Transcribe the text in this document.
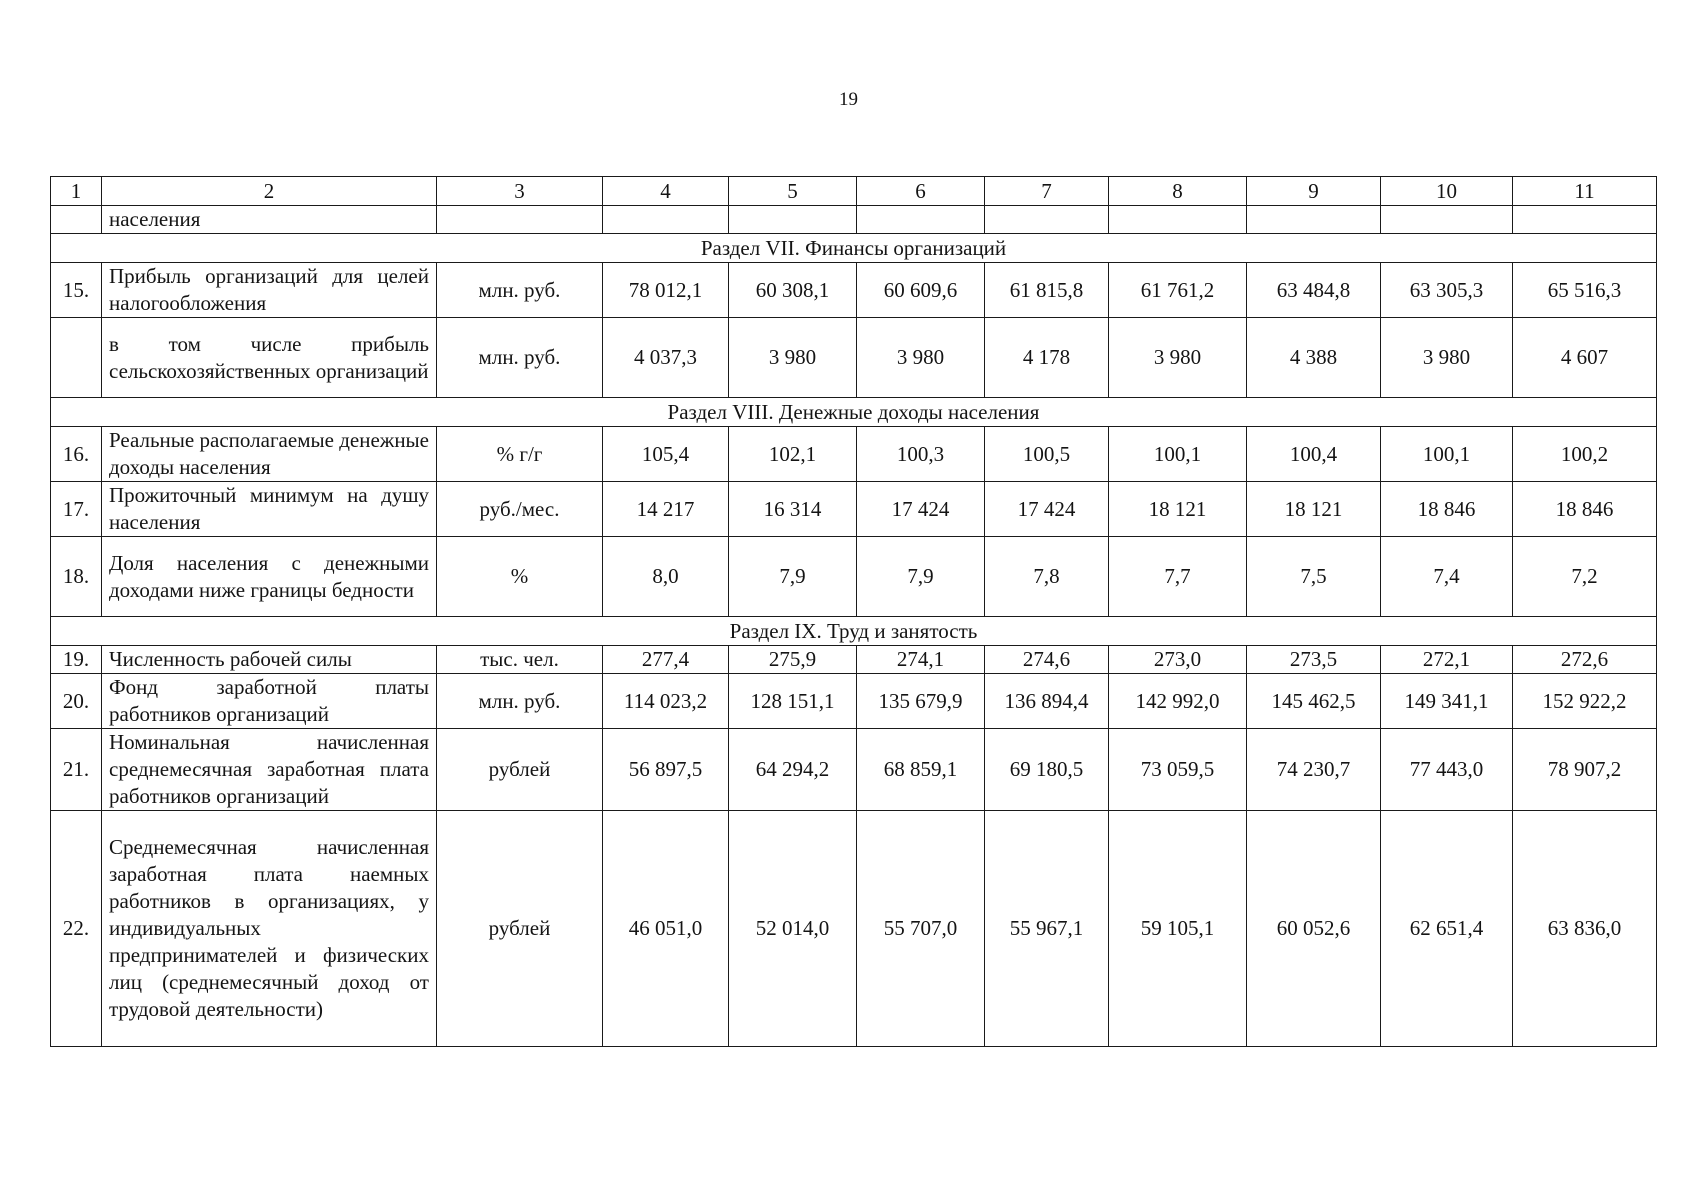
19
1	2	3	4	5	6	7	8	9	10	11
	населения									
Раздел VII. Финансы организаций										
15.	Прибыль организаций для целей налогообложения	млн. руб.	78 012,1	60 308,1	60 609,6	61 815,8	61 761,2	63 484,8	63 305,3	65 516,3
	в том числе прибыль сельскохозяйственных организаций	млн. руб.	4 037,3	3 980	3 980	4 178	3 980	4 388	3 980	4 607
Раздел VIII. Денежные доходы населения										
16.	Реальные располагаемые денежные доходы населения	% г/г	105,4	102,1	100,3	100,5	100,1	100,4	100,1	100,2
17.	Прожиточный минимум на душу населения	руб./мес.	14 217	16 314	17 424	17 424	18 121	18 121	18 846	18 846
18.	Доля населения с денежными доходами ниже границы бедности	%	8,0	7,9	7,9	7,8	7,7	7,5	7,4	7,2
Раздел IX. Труд и занятость										
19.	Численность рабочей силы	тыс. чел.	277,4	275,9	274,1	274,6	273,0	273,5	272,1	272,6
20.	Фонд заработной платы работников организаций	млн. руб.	114 023,2	128 151,1	135 679,9	136 894,4	142 992,0	145 462,5	149 341,1	152 922,2
21.	Номинальная начисленная среднемесячная заработная плата работников организаций	рублей	56 897,5	64 294,2	68 859,1	69 180,5	73 059,5	74 230,7	77 443,0	78 907,2
22.	Среднемесячная начисленная заработная плата наемных работников в организациях, у индивидуальных предпринимателей и физических лиц (среднемесячный доход от трудовой деятельности)	рублей	46 051,0	52 014,0	55 707,0	55 967,1	59 105,1	60 052,6	62 651,4	63 836,0
